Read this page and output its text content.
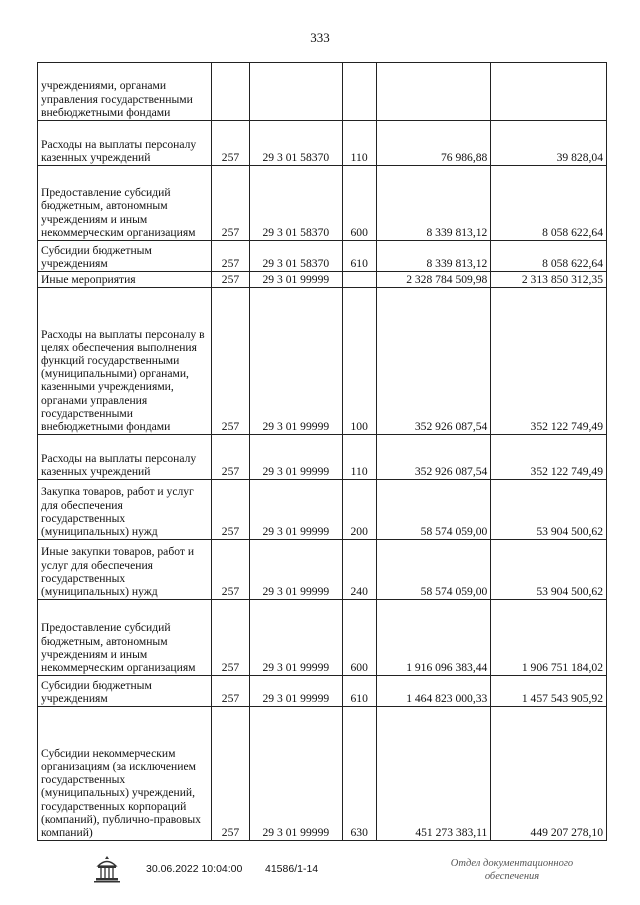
333
учреждениями, органами управления государственными внебюджетными фондами					
Расходы на выплаты персоналу казенных учреждений	257	29 3 01 58370	110	76 986,88	39 828,04
Предоставление субсидий бюджетным, автономным учреждениям и иным некоммерческим организациям	257	29 3 01 58370	600	8 339 813,12	8 058 622,64
Субсидии бюджетным учреждениям	257	29 3 01 58370	610	8 339 813,12	8 058 622,64
Иные мероприятия	257	29 3 01 99999		2 328 784 509,98	2 313 850 312,35
Расходы на выплаты персоналу в целях обеспечения выполнения функций государственными (муниципальными) органами, казенными учреждениями, органами управления государственными внебюджетными фондами	257	29 3 01 99999	100	352 926 087,54	352 122 749,49
Расходы на выплаты персоналу казенных учреждений	257	29 3 01 99999	110	352 926 087,54	352 122 749,49
Закупка товаров, работ и услуг для обеспечения государственных (муниципальных) нужд	257	29 3 01 99999	200	58 574 059,00	53 904 500,62
Иные закупки товаров, работ и услуг для обеспечения государственных (муниципальных) нужд	257	29 3 01 99999	240	58 574 059,00	53 904 500,62
Предоставление субсидий бюджетным, автономным учреждениям и иным некоммерческим организациям	257	29 3 01 99999	600	1 916 096 383,44	1 906 751 184,02
Субсидии бюджетным учреждениям	257	29 3 01 99999	610	1 464 823 000,33	1 457 543 905,92
Субсидии некоммерческим организациям (за исключением государственных (муниципальных) учреждений, государственных корпораций (компаний), публично-правовых компаний)	257	29 3 01 99999	630	451 273 383,11	449 207 278,10
30.06.2022 10:04:00 41586/1-14	Отдел документационного обеспечения
